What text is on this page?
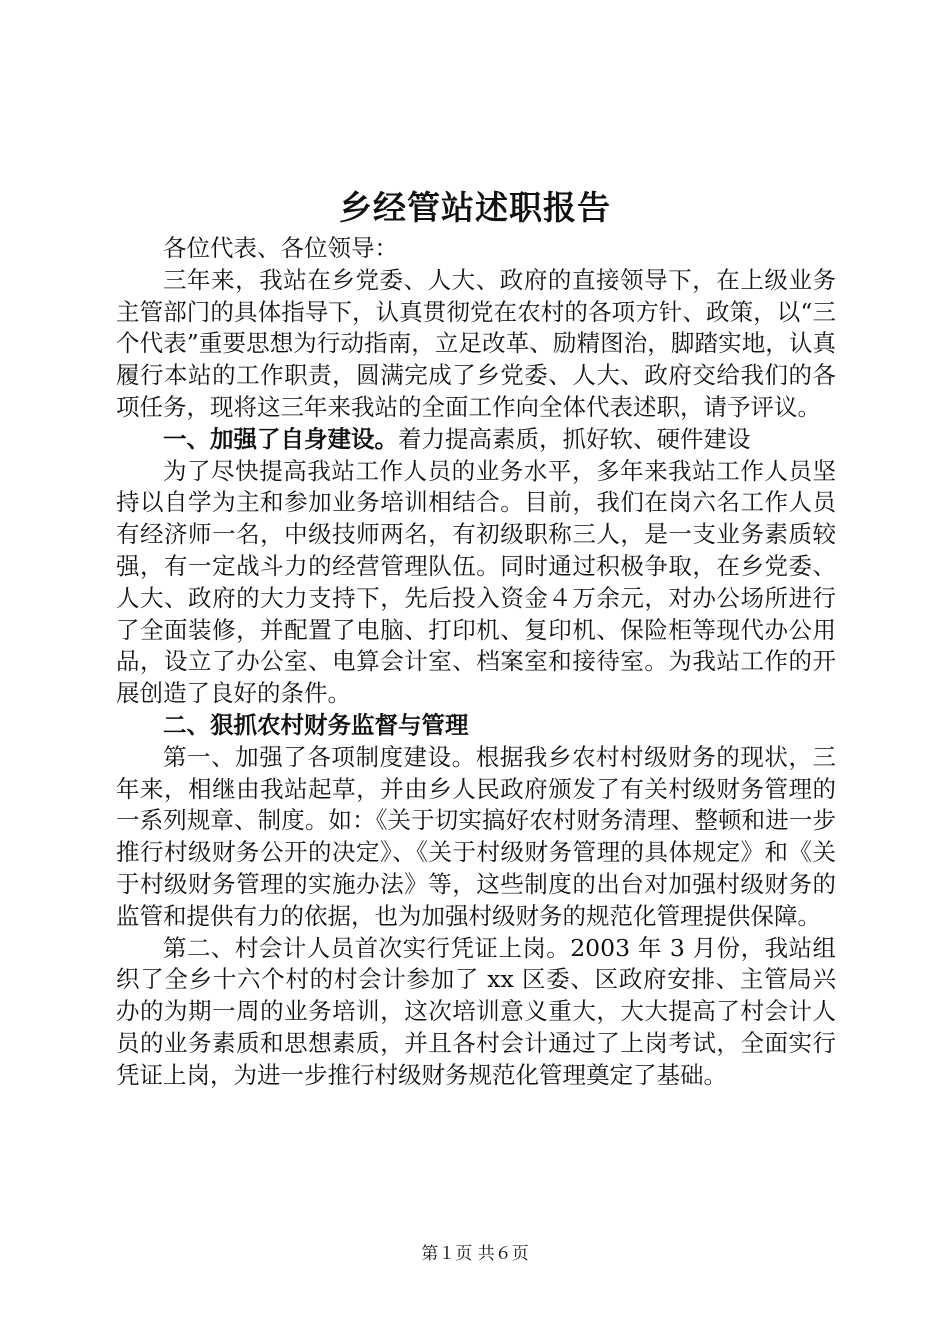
乡经管站述职报告

各位代表、各位领导：

三年来，我站在乡党委、人大、政府的直接领导下，在上级业务主管部门的具体指导下，认真贯彻党在农村的各项方针、政策，以“三个代表”重要思想为行动指南，立足改革、励精图治，脚踏实地，认真履行本站的工作职责，圆满完成了乡党委、人大、政府交给我们的各项任务，现将这三年来我站的全面工作向全体代表述职，请予评议。

一、加强了自身建设。着力提高素质，抓好软、硬件建设

为了尽快提高我站工作人员的业务水平，多年来我站工作人员坚持以自学为主和参加业务培训相结合。目前，我们在岗六名工作人员有经济师一名，中级技师两名，有初级职称三人，是一支业务素质较强，有一定战斗力的经营管理队伍。同时通过积极争取，在乡党委、人大、政府的大力支持下，先后投入资金４万余元，对办公场所进行了全面装修，并配置了电脑、打印机、复印机、保险柜等现代办公用品，设立了办公室、电算会计室、档案室和接待室。为我站工作的开展创造了良好的条件。

二、狠抓农村财务监督与管理

第一、加强了各项制度建设。根据我乡农村村级财务的现状，三年来，相继由我站起草，并由乡人民政府颁发了有关村级财务管理的一系列规章、制度。如：《关于切实搞好农村财务清理、整顿和进一步推行村级财务公开的决定》、《关于村级财务管理的具体规定》和《关于村级财务管理的实施办法》等，这些制度的出台对加强村级财务的监管和提供有力的依据，也为加强村级财务的规范化管理提供保障。

第二、村会计人员首次实行凭证上岗。2003 年 3 月份，我站组织了全乡十六个村的村会计参加了 xx 区委、区政府安排、主管局兴办的为期一周的业务培训，这次培训意义重大，大大提高了村会计人员的业务素质和思想素质，并且各村会计通过了上岗考试，全面实行凭证上岗，为进一步推行村级财务规范化管理奠定了基础。

第１页 共６页
